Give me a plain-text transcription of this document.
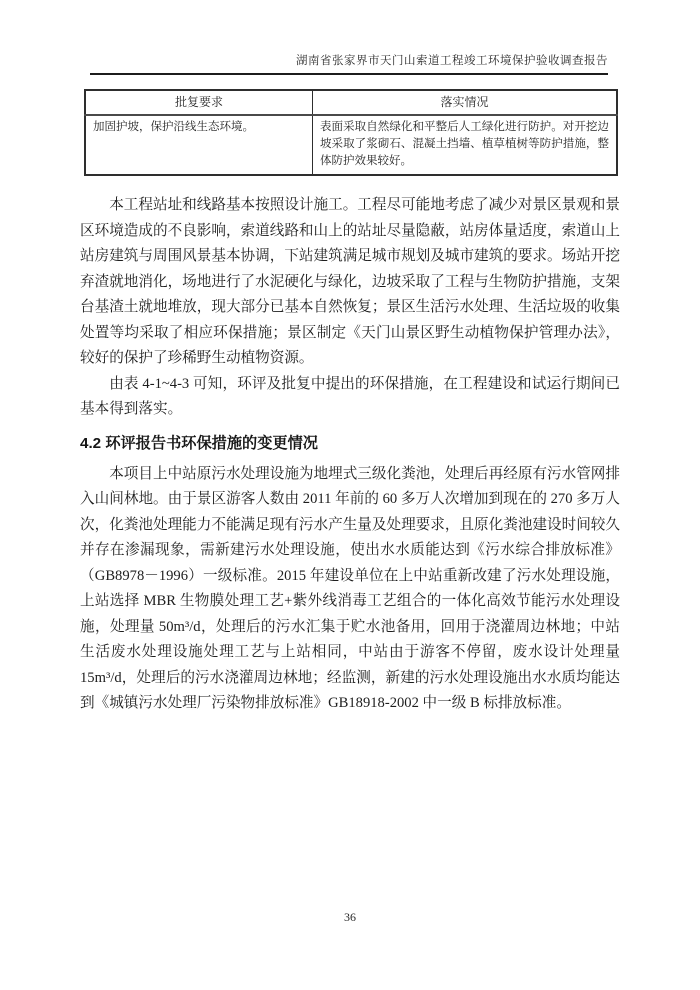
湖南省张家界市天门山索道工程竣工环境保护验收调查报告
批复要求	落实情况
加固护坡，保护沿线生态环境。	表面采取自然绿化和平整后人工绿化进行防护。对开挖边坡采取了浆砌石、混凝土挡墙、植草植树等防护措施，整体防护效果较好。

本工程站址和线路基本按照设计施工。工程尽可能地考虑了减少对景区景观和景区环境造成的不良影响，索道线路和山上的站址尽量隐蔽，站房体量适度，索道山上站房建筑与周围风景基本协调，下站建筑满足城市规划及城市建筑的要求。场站开挖弃渣就地消化，场地进行了水泥硬化与绿化，边坡采取了工程与生物防护措施，支架台基渣土就地堆放，现大部分已基本自然恢复；景区生活污水处理、生活垃圾的收集处置等均采取了相应环保措施；景区制定《天门山景区野生动植物保护管理办法》，较好的保护了珍稀野生动植物资源。

由表 4-1~4-3 可知，环评及批复中提出的环保措施，在工程建设和试运行期间已基本得到落实。

4.2 环评报告书环保措施的变更情况

本项目上中站原污水处理设施为地埋式三级化粪池，处理后再经原有污水管网排入山间林地。由于景区游客人数由 2011 年前的 60 多万人次增加到现在的 270 多万人次，化粪池处理能力不能满足现有污水产生量及处理要求，且原化粪池建设时间较久并存在渗漏现象，需新建污水处理设施，使出水水质能达到《污水综合排放标准》（GB8978－1996）一级标准。2015 年建设单位在上中站重新改建了污水处理设施，上站选择 MBR 生物膜处理工艺+紫外线消毒工艺组合的一体化高效节能污水处理设施，处理量 50m³/d，处理后的污水汇集于贮水池备用，回用于浇灌周边林地；中站生活废水处理设施处理工艺与上站相同，中站由于游客不停留，废水设计处理量 15m³/d，处理后的污水浇灌周边林地；经监测，新建的污水处理设施出水水质均能达到《城镇污水处理厂污染物排放标准》GB18918-2002 中一级 B 标排放标准。

36
